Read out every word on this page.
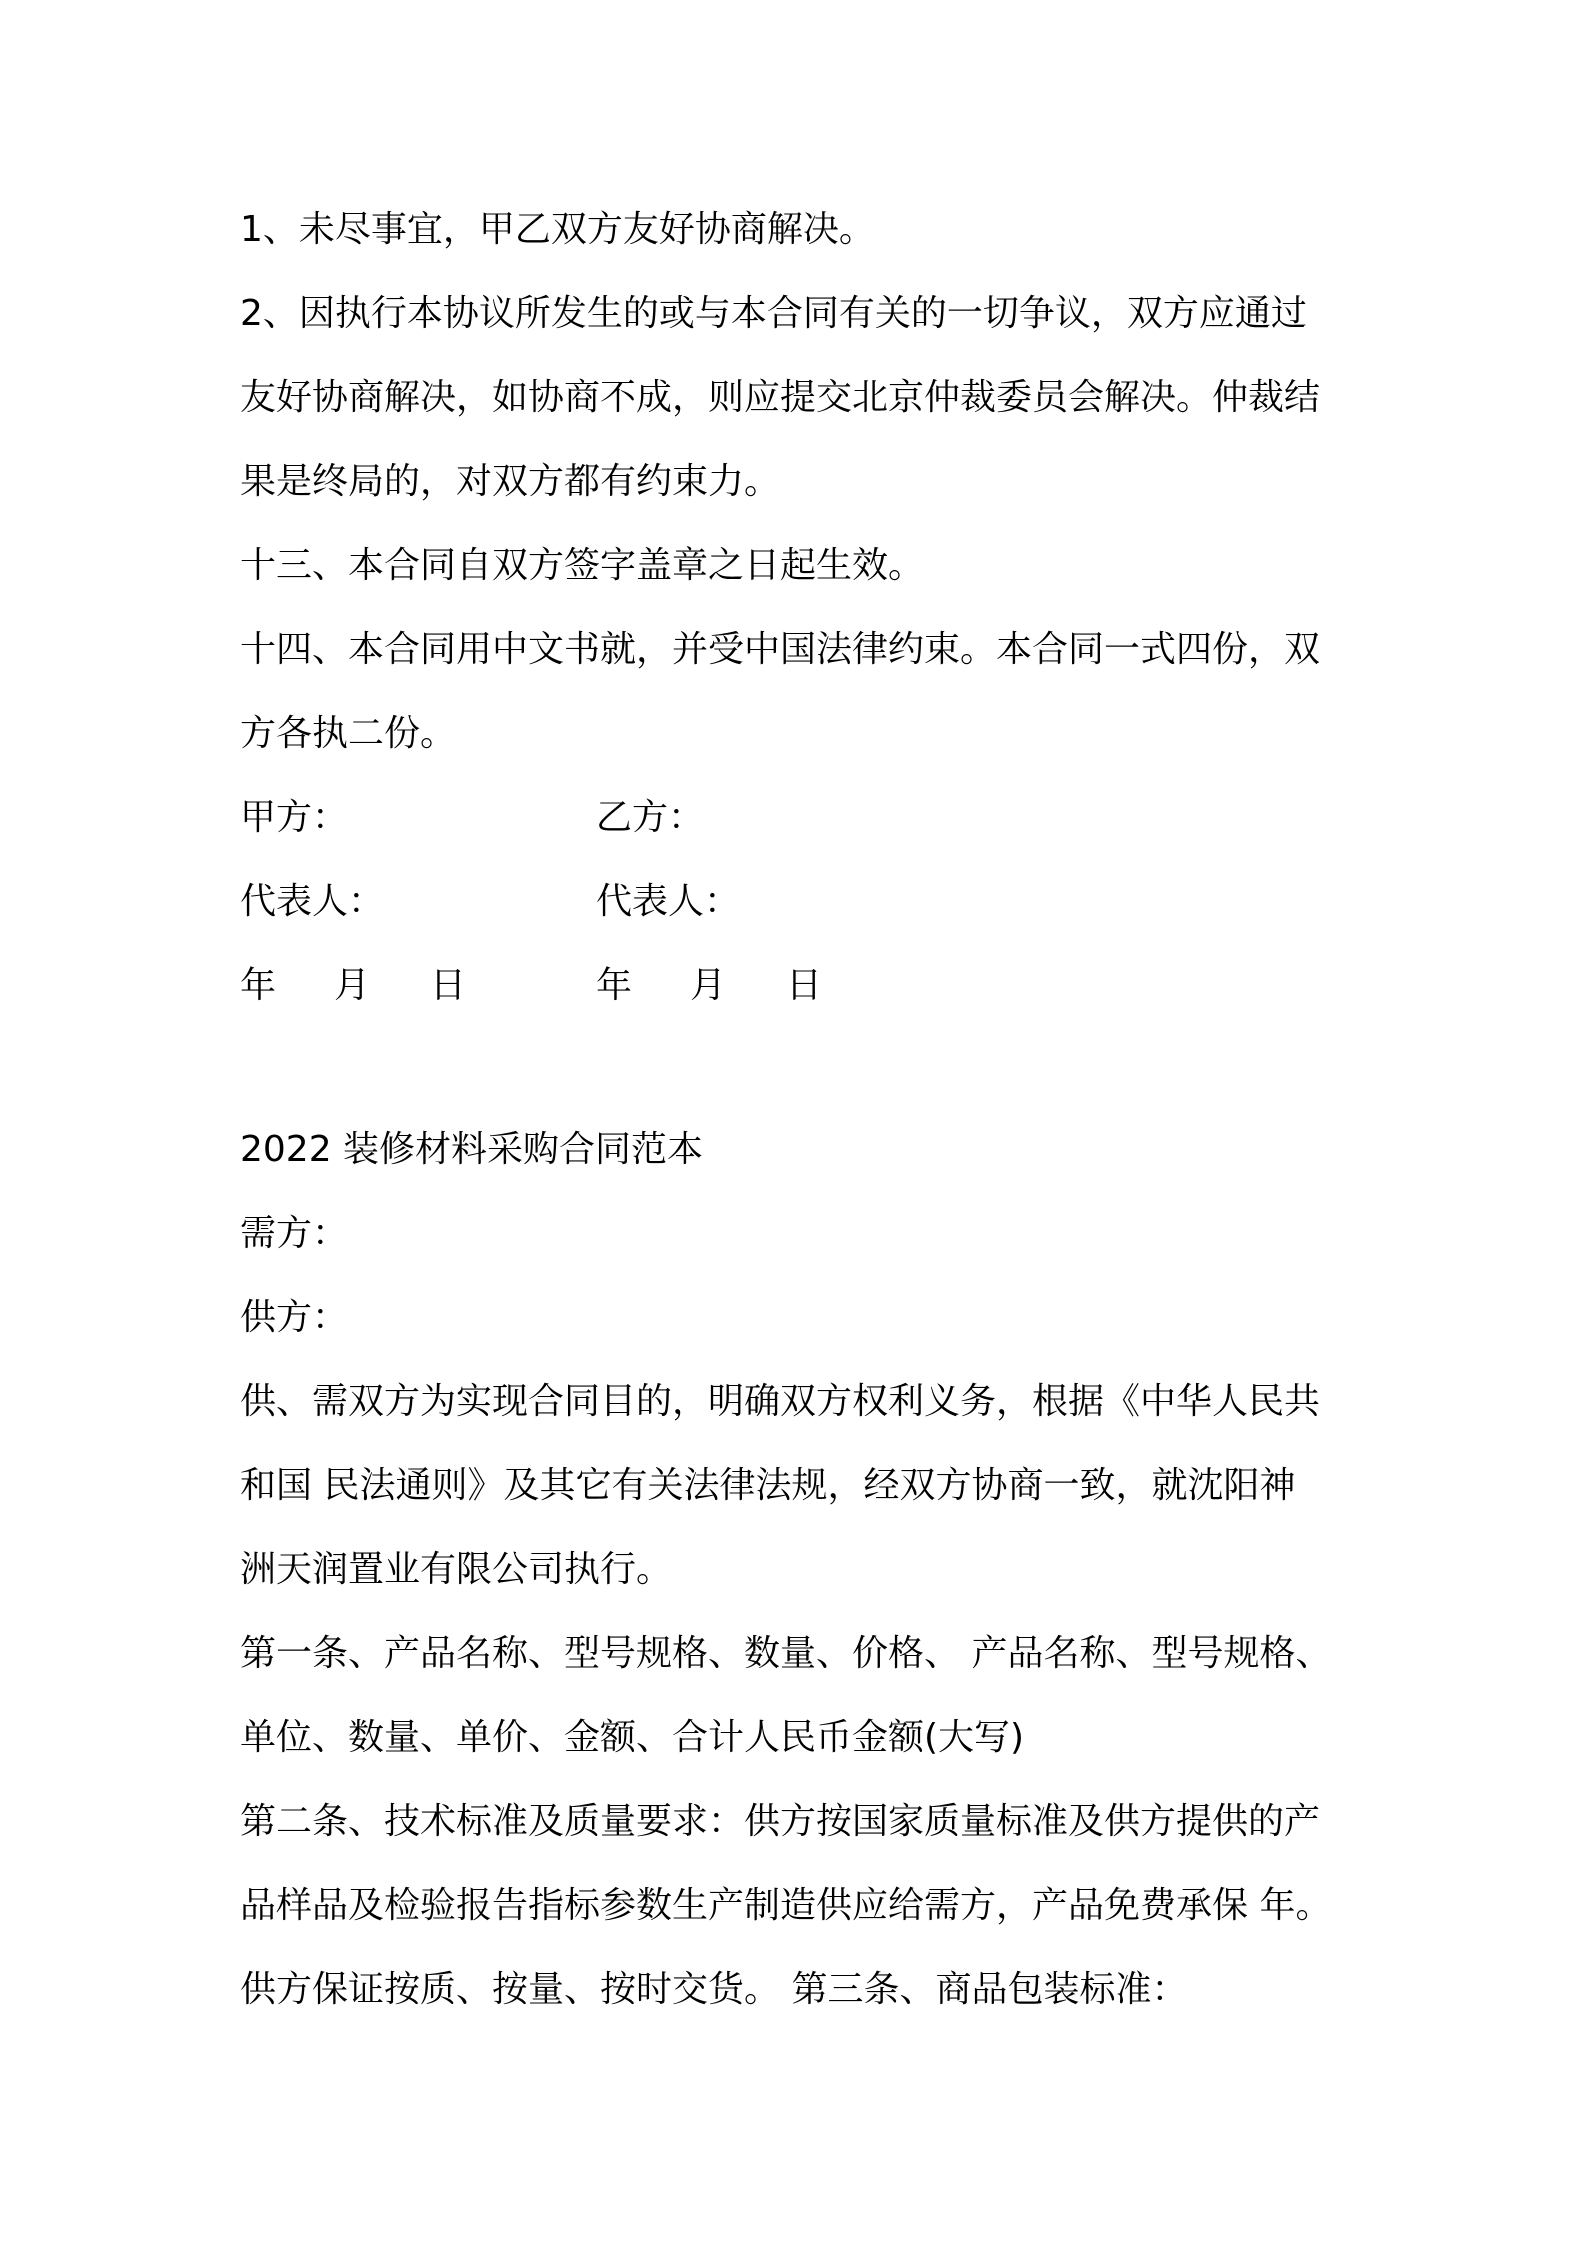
1、未尽事宜，甲乙双方友好协商解决。
2、因执行本协议所发生的或与本合同有关的一切争议，双方应通过
友好协商解决，如协商不成，则应提交北京仲裁委员会解决。仲裁结
果是终局的，对双方都有约束力。
十三、本合同自双方签字盖章之日起生效。
十四、本合同用中文书就，并受中国法律约束。本合同一式四份，双
方各执二份。
甲方：	乙方：
代表人：	代表人：
年 月 日	年 月 日
2022 装修材料采购合同范本
需方：
供方：
供、需双方为实现合同目的，明确双方权利义务，根据《中华人民共
和国 民法通则》及其它有关法律法规，经双方协商一致，就沈阳神
洲天润置业有限公司执行。
第一条、产品名称、型号规格、数量、价格、 产品名称、型号规格、
单位、数量、单价、金额、合计人民币金额(大写)
第二条、技术标准及质量要求：供方按国家质量标准及供方提供的产
品样品及检验报告指标参数生产制造供应给需方，产品免费承保 年。
供方保证按质、按量、按时交货。 第三条、商品包装标准：
